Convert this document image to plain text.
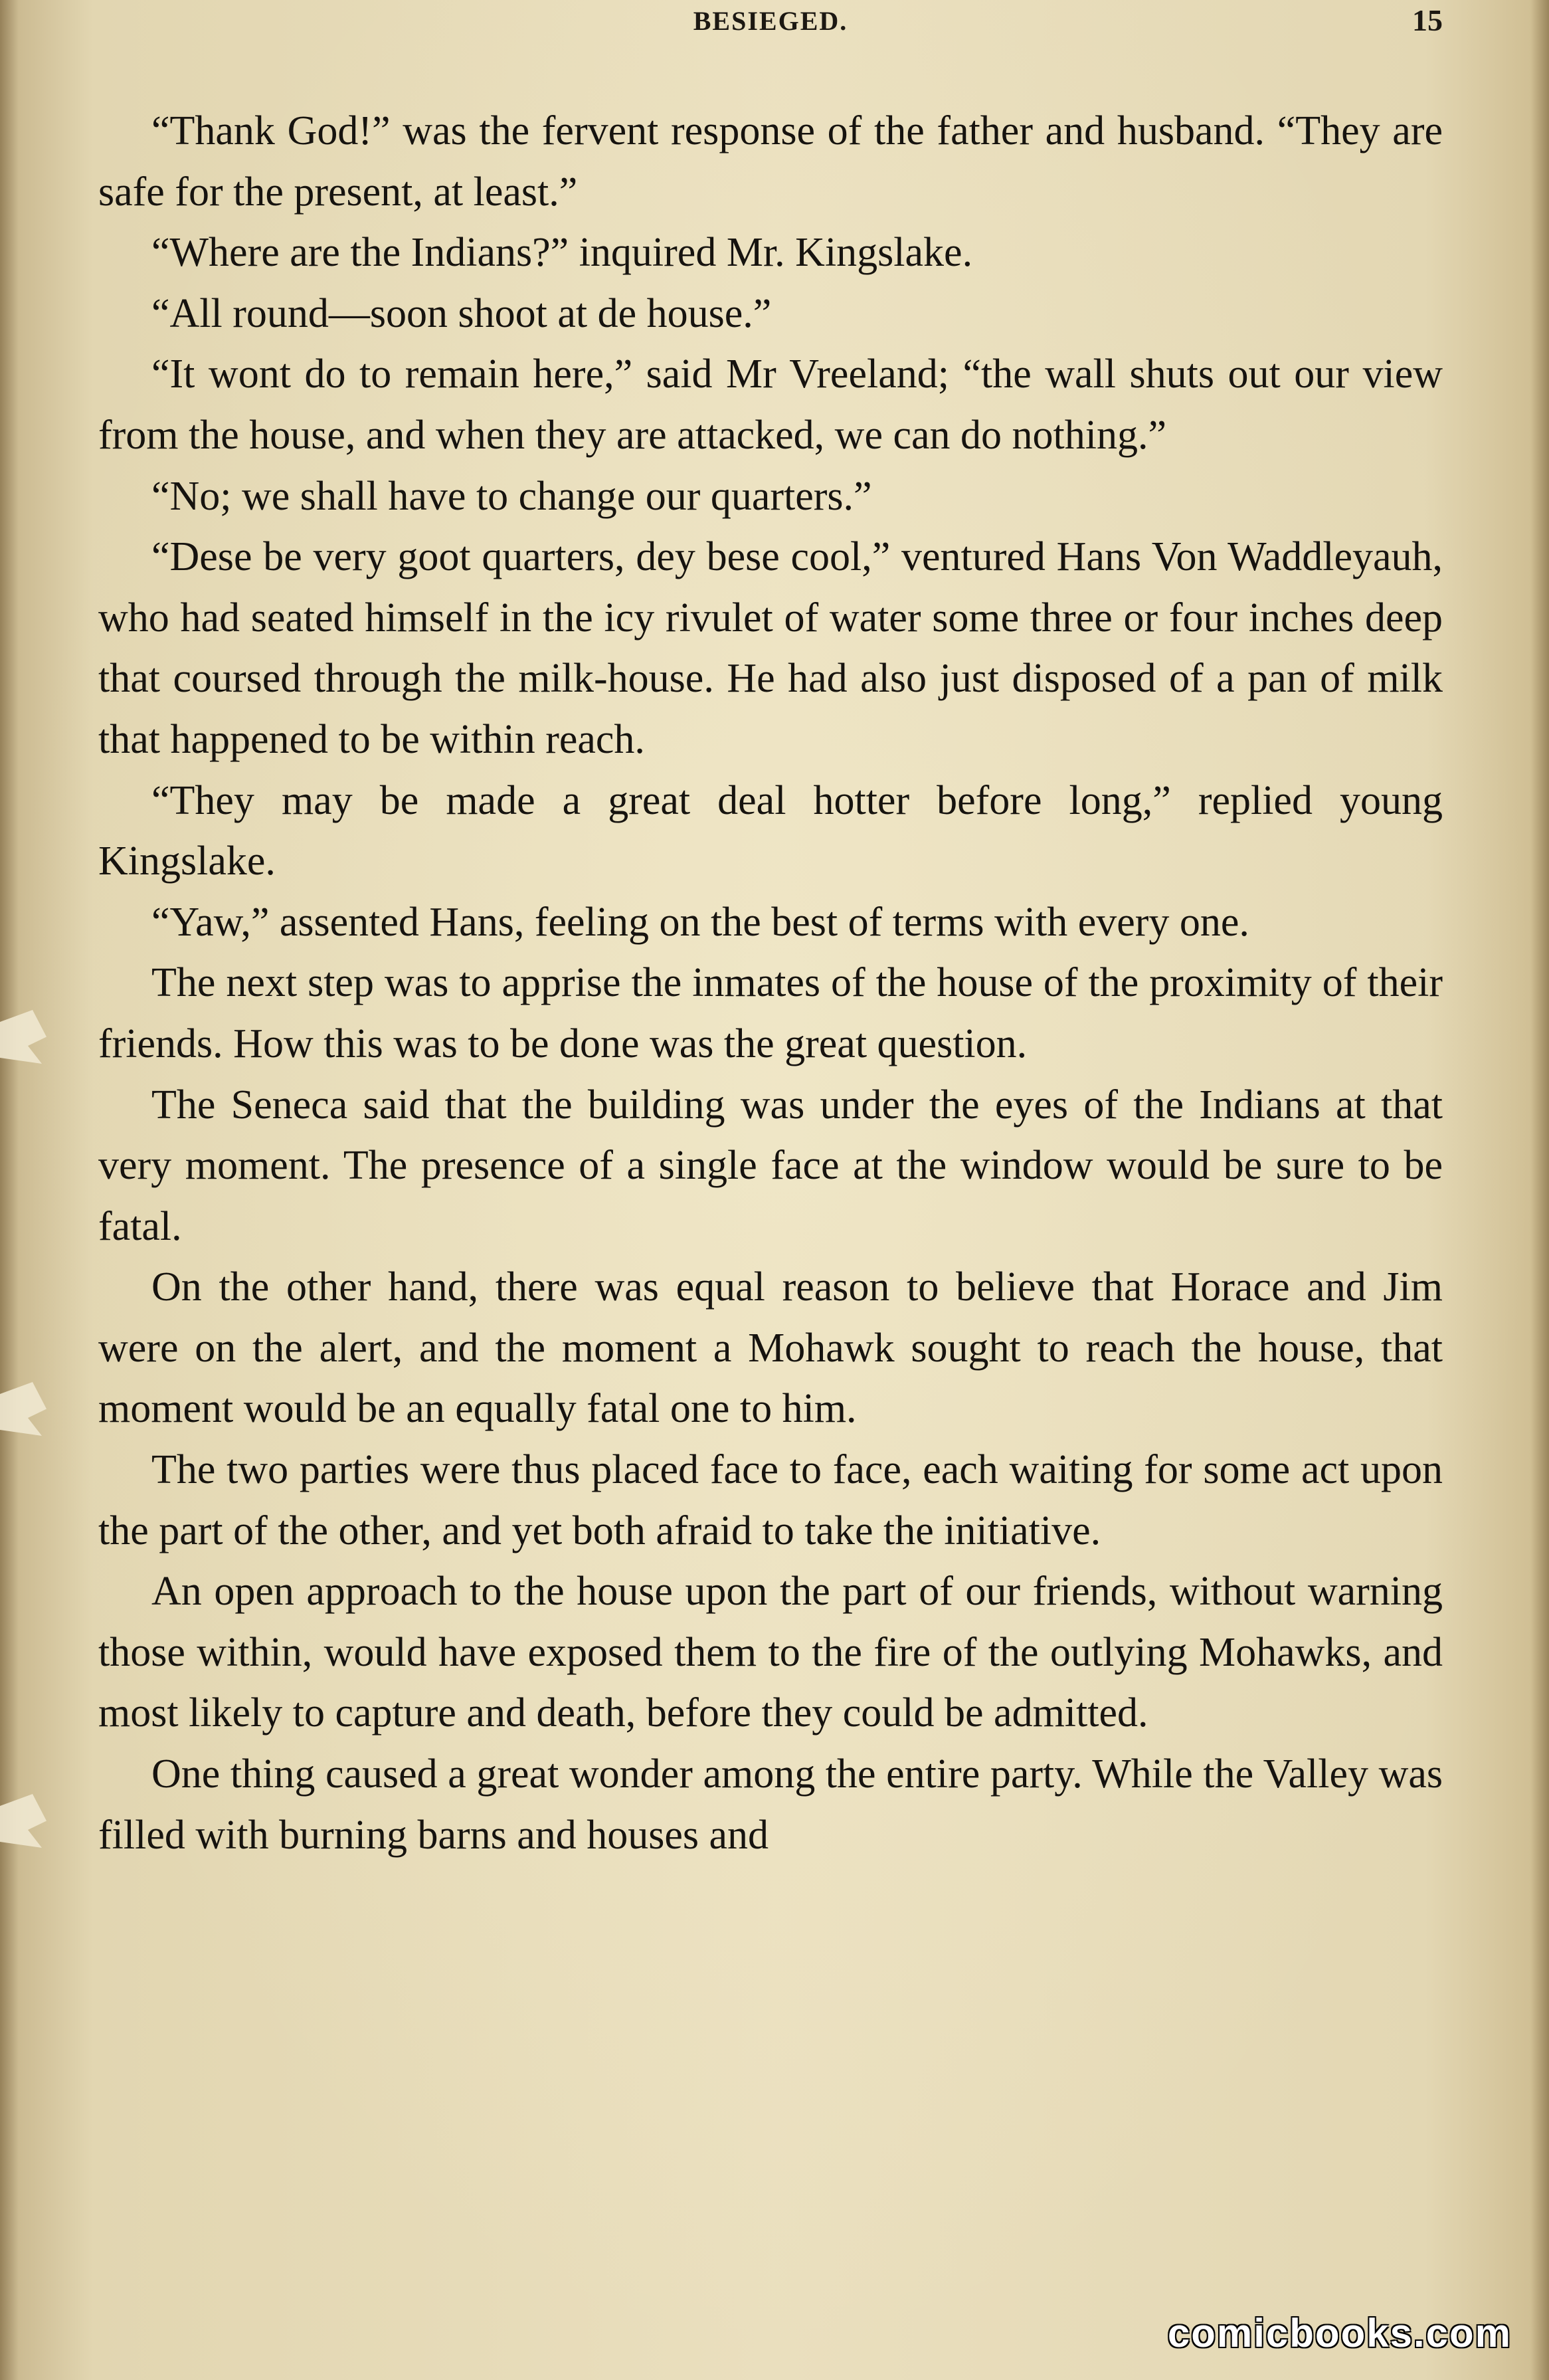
BESIEGED.	15

“Thank God!” was the fervent response of the father and husband. “They are safe for the present, at least.”

“Where are the Indians?” inquired Mr. Kingslake.

“All round—soon shoot at de house.”

“It wont do to remain here,” said Mr Vreeland; “the wall shuts out our view from the house, and when they are attacked, we can do nothing.”

“No; we shall have to change our quarters.”

“Dese be very goot quarters, dey bese cool,” ventured Hans Von Waddleyauh, who had seated himself in the icy rivulet of water some three or four inches deep that coursed through the milk-house. He had also just disposed of a pan of milk that happened to be within reach.

“They may be made a great deal hotter before long,” replied young Kingslake.

“Yaw,” assented Hans, feeling on the best of terms with every one.

The next step was to apprise the inmates of the house of the proximity of their friends. How this was to be done was the great question.

The Seneca said that the building was under the eyes of the Indians at that very moment. The presence of a single face at the window would be sure to be fatal.

On the other hand, there was equal reason to believe that Horace and Jim were on the alert, and the moment a Mohawk sought to reach the house, that moment would be an equally fatal one to him.

The two parties were thus placed face to face, each waiting for some act upon the part of the other, and yet both afraid to take the initiative.

An open approach to the house upon the part of our friends, without warning those within, would have exposed them to the fire of the outlying Mohawks, and most likely to capture and death, before they could be admitted.

One thing caused a great wonder among the entire party. While the Valley was filled with burning barns and houses and

comicbooks.com
